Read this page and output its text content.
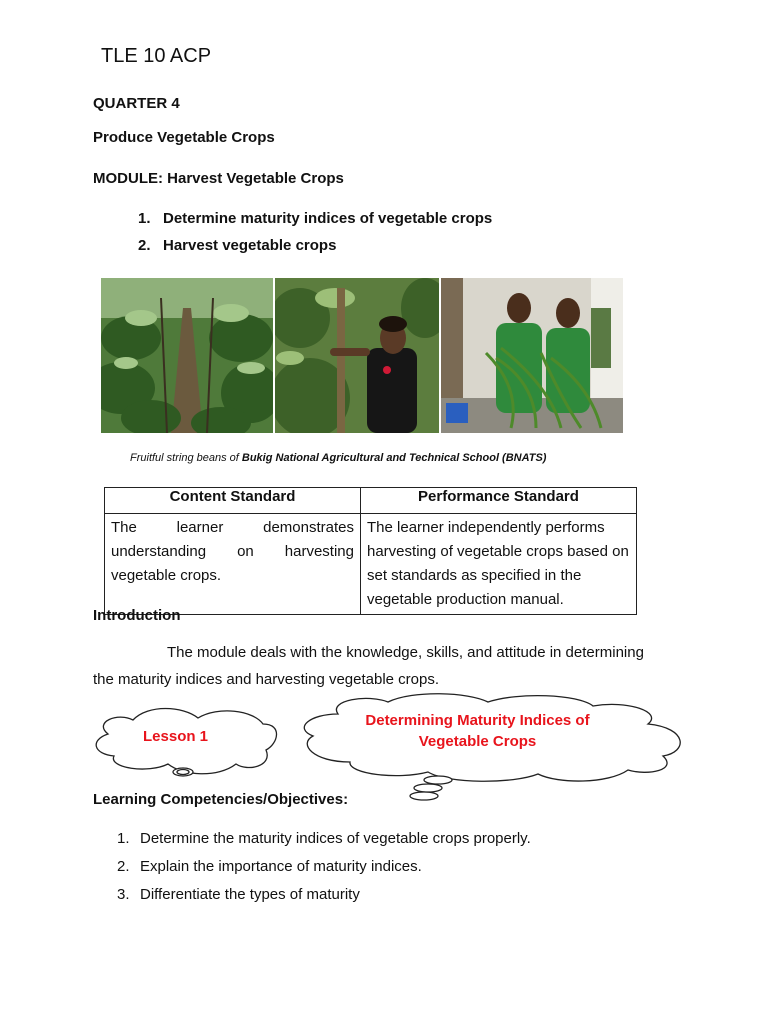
TLE 10 ACP
QUARTER 4
Produce Vegetable Crops
MODULE: Harvest Vegetable Crops
1. Determine maturity indices of vegetable crops
2. Harvest vegetable crops
Fruitful string beans of Bukig National Agricultural and Technical School (BNATS)
Content Standard	Performance Standard
The learner demonstrates understanding on harvesting vegetable crops.	The learner independently performs harvesting of vegetable crops based on set standards as specified in the vegetable production manual.
Introduction
The module deals with the knowledge, skills, and attitude in determining the maturity indices and harvesting vegetable crops.
Lesson 1
Determining Maturity Indices of
Vegetable Crops
Learning Competencies/Objectives:
1. Determine the maturity indices of vegetable crops properly.
2. Explain the importance of maturity indices.
3. Differentiate the types of maturity
